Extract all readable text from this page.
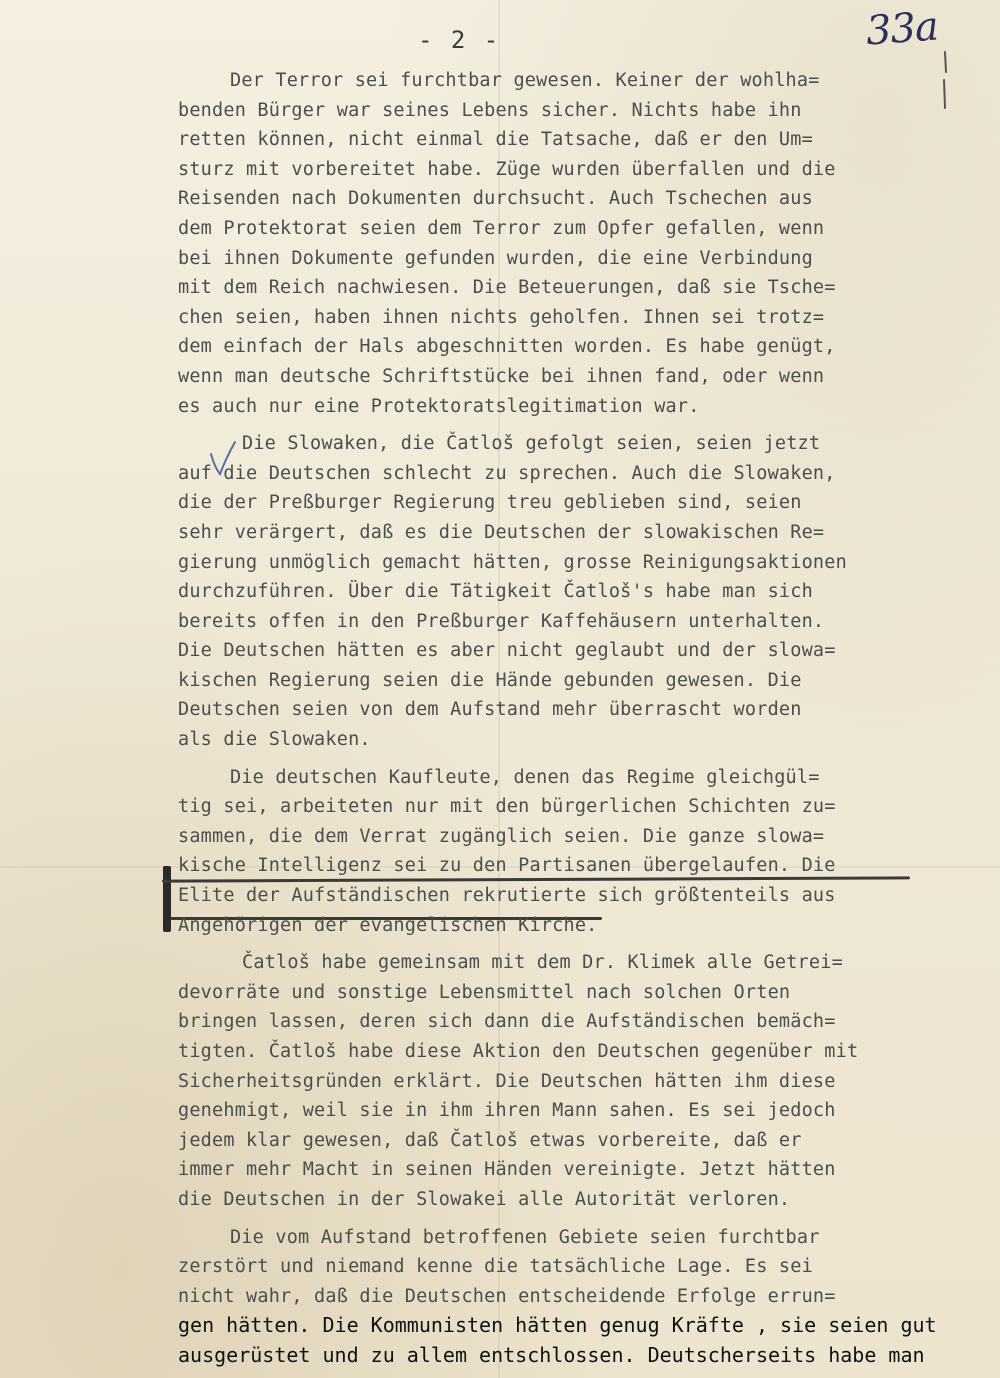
- 2 -	33a
Der Terror sei furchtbar gewesen. Keiner der wohlha=
benden Bürger war seines Lebens sicher. Nichts habe ihn
retten können, nicht einmal die Tatsache, daß er den Um=
sturz mit vorbereitet habe. Züge wurden überfallen und die
Reisenden nach Dokumenten durchsucht. Auch Tschechen aus
dem Protektorat seien dem Terror zum Opfer gefallen, wenn
bei ihnen Dokumente gefunden wurden, die eine Verbindung
mit dem Reich nachwiesen. Die Beteuerungen, daß sie Tsche=
chen seien, haben ihnen nichts geholfen. Ihnen sei trotz=
dem einfach der Hals abgeschnitten worden. Es habe genügt,
wenn man deutsche Schriftstücke bei ihnen fand, oder wenn
es auch nur eine Protektoratslegitimation war.
Die Slowaken, die Čatloš gefolgt seien, seien jetzt
auf die Deutschen schlecht zu sprechen. Auch die Slowaken,
die der Preßburger Regierung treu geblieben sind, seien
sehr verärgert, daß es die Deutschen der slowakischen Re=
gierung unmöglich gemacht hätten, grosse Reinigungsaktionen
durchzuführen. Über die Tätigkeit Čatloš's habe man sich
bereits offen in den Preßburger Kaffehäusern unterhalten.
Die Deutschen hätten es aber nicht geglaubt und der slowa=
kischen Regierung seien die Hände gebunden gewesen. Die
Deutschen seien von dem Aufstand mehr überrascht worden
als die Slowaken.
Die deutschen Kaufleute, denen das Regime gleichgül=
tig sei, arbeiteten nur mit den bürgerlichen Schichten zu=
sammen, die dem Verrat zugänglich seien. Die ganze slowa=
kische Intelligenz sei zu den Partisanen übergelaufen. Die
Elite der Aufständischen rekrutierte sich größtenteils aus
Angehörigen der evangelischen Kirche.
Čatloš habe gemeinsam mit dem Dr. Klimek alle Getrei=
devorräte und sonstige Lebensmittel nach solchen Orten
bringen lassen, deren sich dann die Aufständischen bemäch=
tigten. Čatloš habe diese Aktion den Deutschen gegenüber mit
Sicherheitsgründen erklärt. Die Deutschen hätten ihm diese
genehmigt, weil sie in ihm ihren Mann sahen. Es sei jedoch
jedem klar gewesen, daß Čatloš etwas vorbereite, daß er
immer mehr Macht in seinen Händen vereinigte. Jetzt hätten
die Deutschen in der Slowakei alle Autorität verloren.
Die vom Aufstand betroffenen Gebiete seien furchtbar
zerstört und niemand kenne die tatsächliche Lage. Es sei
nicht wahr, daß die Deutschen entscheidende Erfolge errun=
gen hätten. Die Kommunisten hätten genug Kräfte , sie seien gut
ausgerüstet und zu allem entschlossen. Deutscherseits habe man
